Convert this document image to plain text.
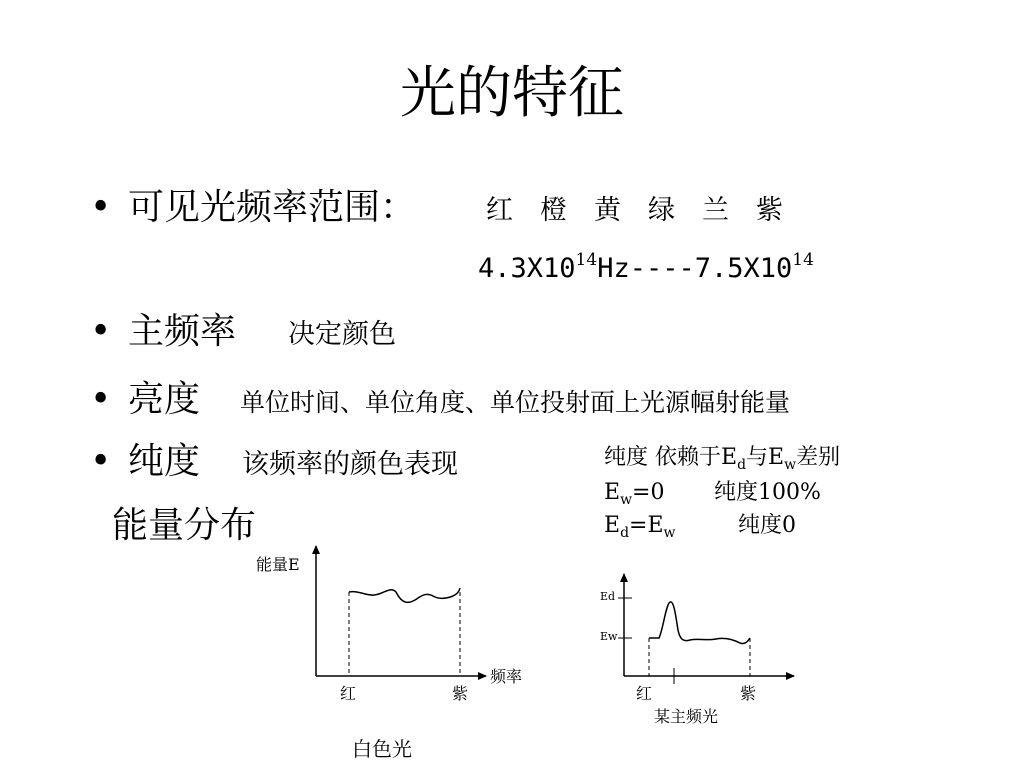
光的特征
• 可见光频率范围：	红 橙 黄 绿 兰 紫
$4.3X10^{14}Hz----7.5X10^{14}$
• 主频率 决定颜色
• 亮度 单位时间、单位角度、单位投射面上光源幅射能量
• 纯度 该频率的颜色表现
能量分布
纯度 依赖于$E_d$与$E_w$差别
$E_w=0$ 纯度100%
$E_d=E_w$	纯度0
能量E
频率
红	紫
白色光
Ed
Ew
红	紫
某主频光
